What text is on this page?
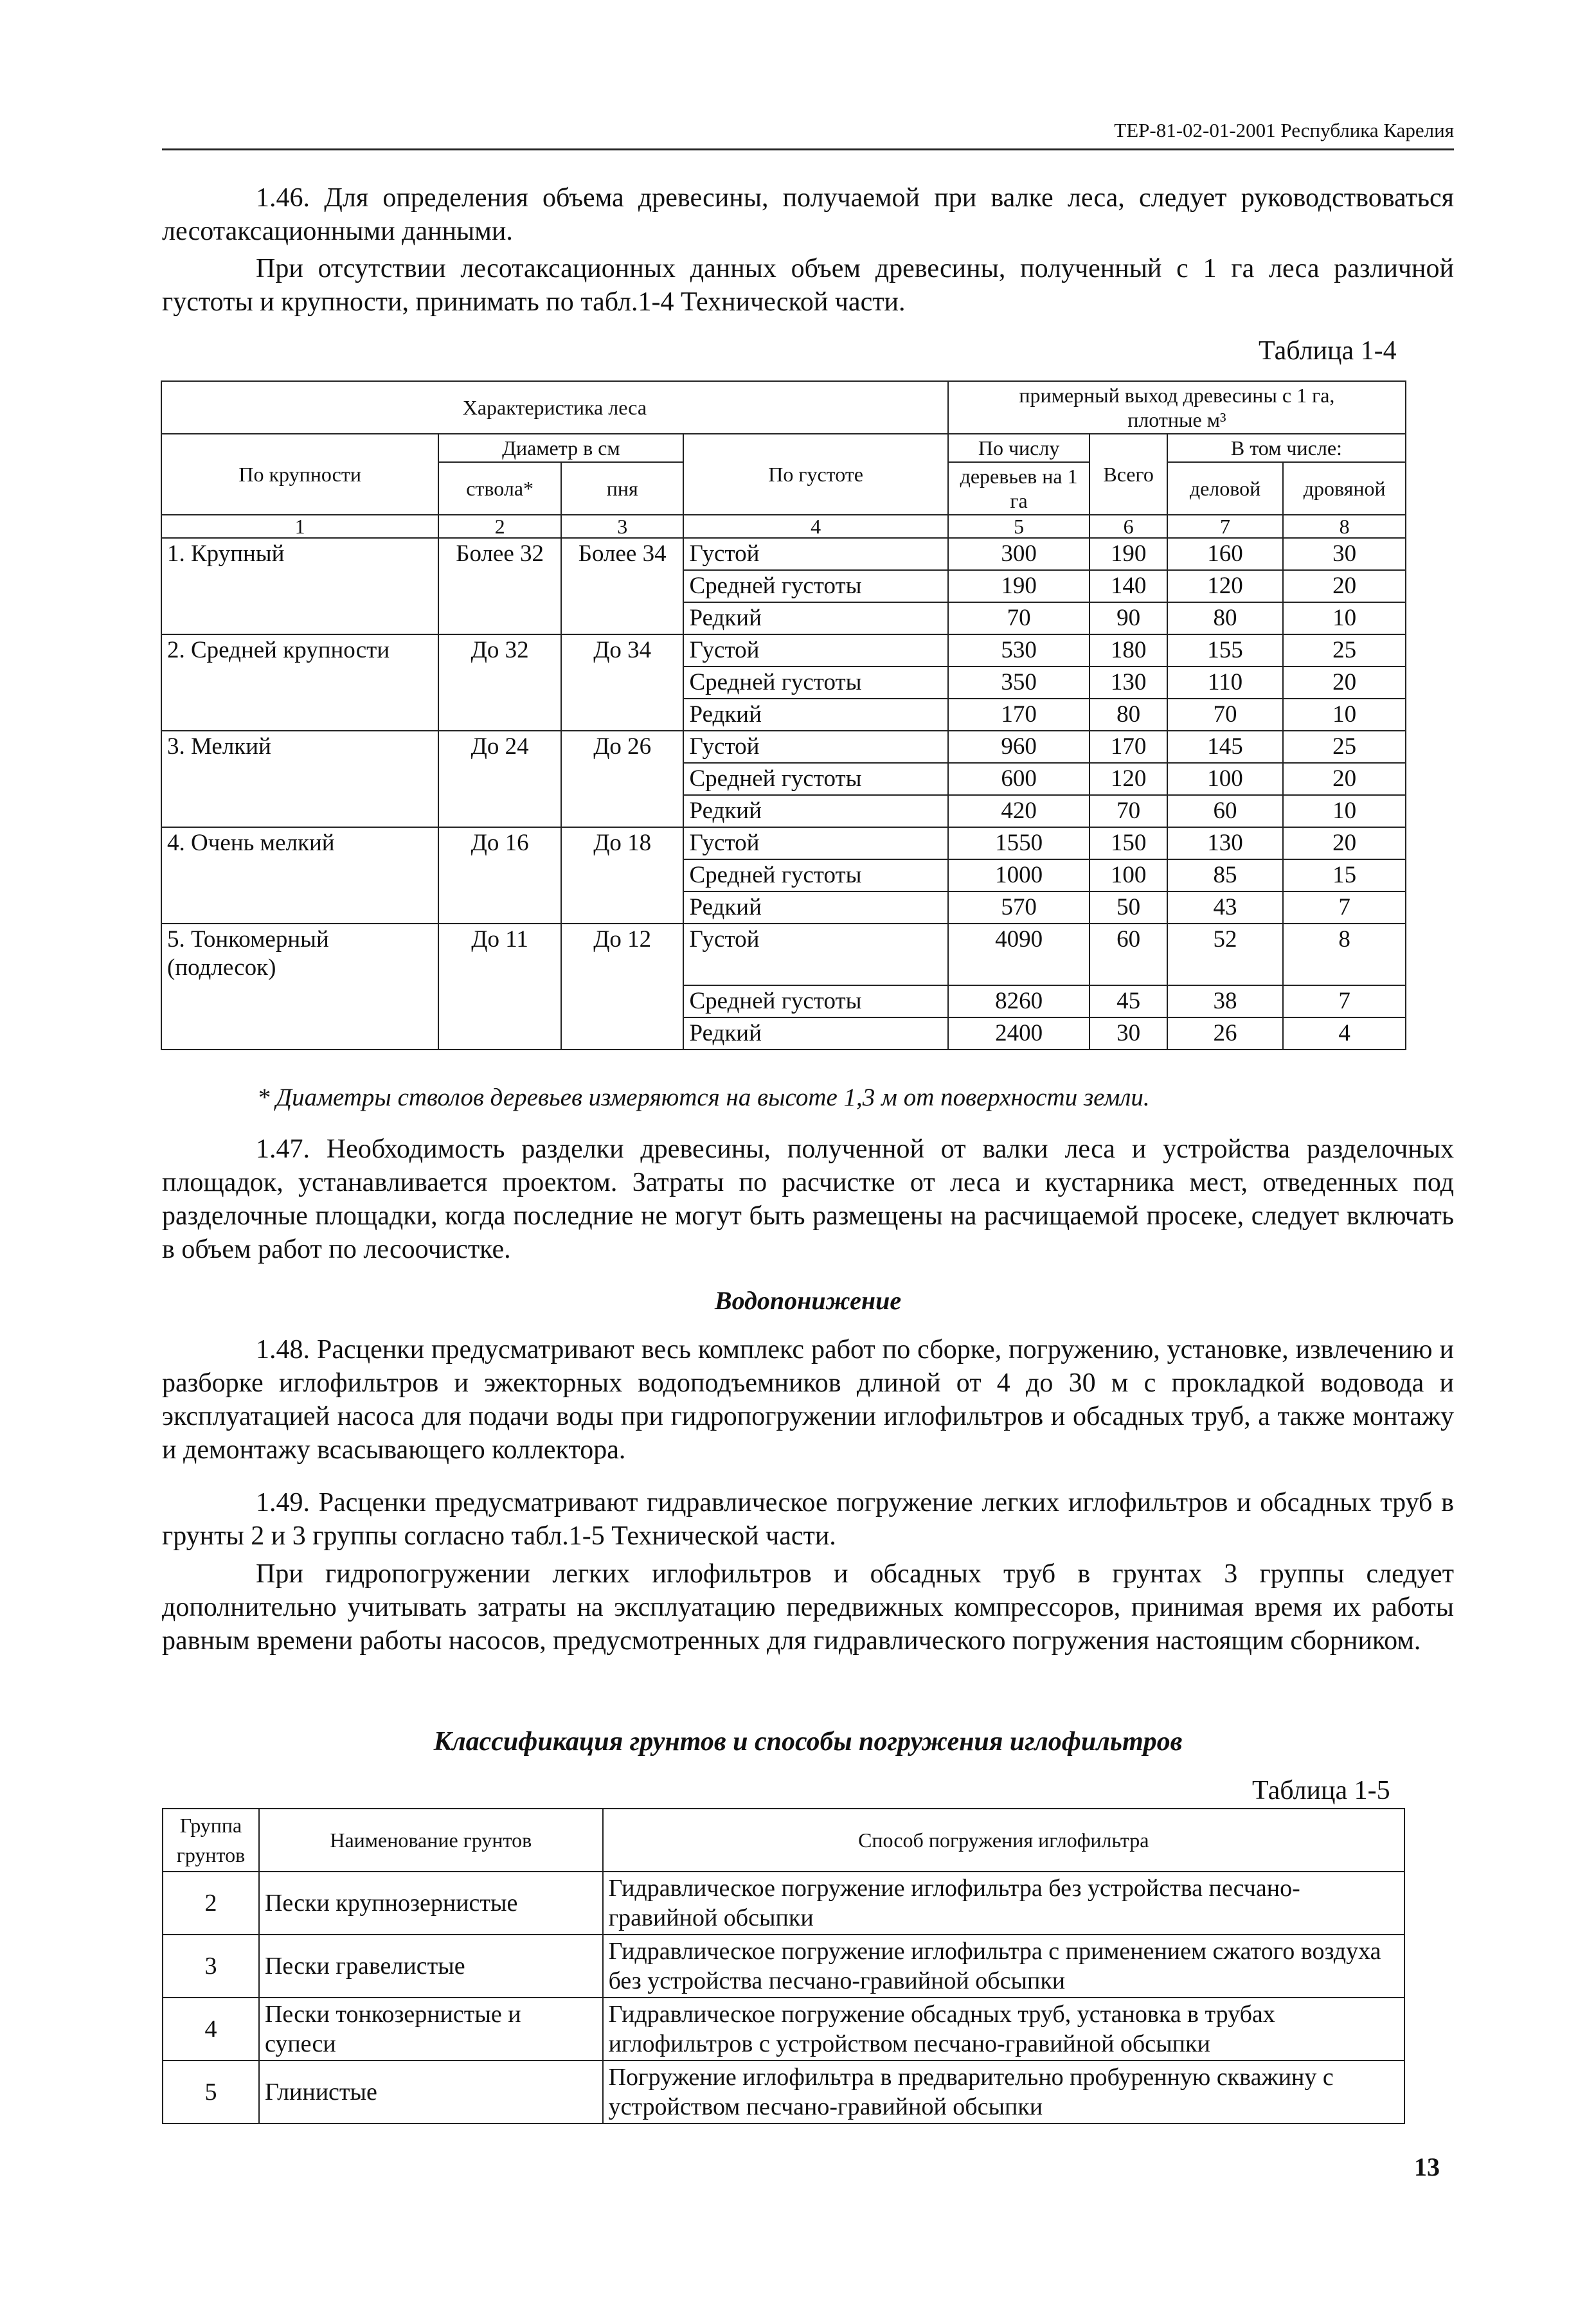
ТЕР-81-02-01-2001 Республика Карелия

1.46. Для определения объема древесины, получаемой при валке леса, следует руководствоваться лесотаксационными данными.

При отсутствии лесотаксационных данных объем древесины, полученный с 1 га леса различной густоты и крупности, принимать по табл.1-4 Технической части.

Таблица 1-4
Характеристика леса				примерный выход древесины с 1 га,
плотные м³			
По крупности	Диаметр в см		По густоте	По числу	Всего	В том числе:	
	ствола*	пня		деревьев на 1 га		деловой	дровяной
1	2	3	4	5	6	7	8
1. Крупный	Более 32	Более 34	Густой	300	190	160	30
			Средней густоты	190	140	120	20
			Редкий	70	90	80	10
2. Средней крупности	До 32	До 34	Густой	530	180	155	25
			Средней густоты	350	130	110	20
			Редкий	170	80	70	10
3. Мелкий	До 24	До 26	Густой	960	170	145	25
			Средней густоты	600	120	100	20
			Редкий	420	70	60	10
4. Очень мелкий	До 16	До 18	Густой	1550	150	130	20
			Средней густоты	1000	100	85	15
			Редкий	570	50	43	7
5. Тонкомерный (подлесок)	До 11	До 12	Густой	4090	60	52	8
			Средней густоты	8260	45	38	7
			Редкий	2400	30	26	4
* Диаметры стволов деревьев измеряются на высоте 1,3 м от поверхности земли.

1.47. Необходимость разделки древесины, полученной от валки леса и устройства разделочных площадок, устанавливается проектом. Затраты по расчистке от леса и кустарника мест, отведенных под разделочные площадки, когда последние не могут быть размещены на расчищаемой просеке, следует включать в объем работ по лесоочистке.

Водопонижение

1.48. Расценки предусматривают весь комплекс работ по сборке, погружению, установке, извлечению и разборке иглофильтров и эжекторных водоподъемников длиной от 4 до 30 м с прокладкой водовода и эксплуатацией насоса для подачи воды при гидропогружении иглофильтров и обсадных труб, а также монтажу и демонтажу всасывающего коллектора.

1.49. Расценки предусматривают гидравлическое погружение легких иглофильтров и обсадных труб в грунты 2 и 3 группы согласно табл.1-5 Технической части.

При гидропогружении легких иглофильтров и обсадных труб в грунтах 3 группы следует дополнительно учитывать затраты на эксплуатацию передвижных компрессоров, принимая время их работы равным времени работы насосов, предусмотренных для гидравлического погружения настоящим сборником.

Классификация грунтов и способы погружения иглофильтров
Таблица 1-5
Группа грунтов	Наименование грунтов	Способ погружения иглофильтра
2	Пески крупнозернистые	Гидравлическое погружение иглофильтра без устройства песчано-гравийной обсыпки
3	Пески гравелистые	Гидравлическое погружение иглофильтра с применением сжатого воздуха без устройства песчано-гравийной обсыпки
4	Пески тонкозернистые и супеси	Гидравлическое погружение обсадных труб, установка в трубах иглофильтров с устройством песчано-гравийной обсыпки
5	Глинистые	Погружение иглофильтра в предварительно пробуренную скважину с устройством песчано-гравийной обсыпки
13
